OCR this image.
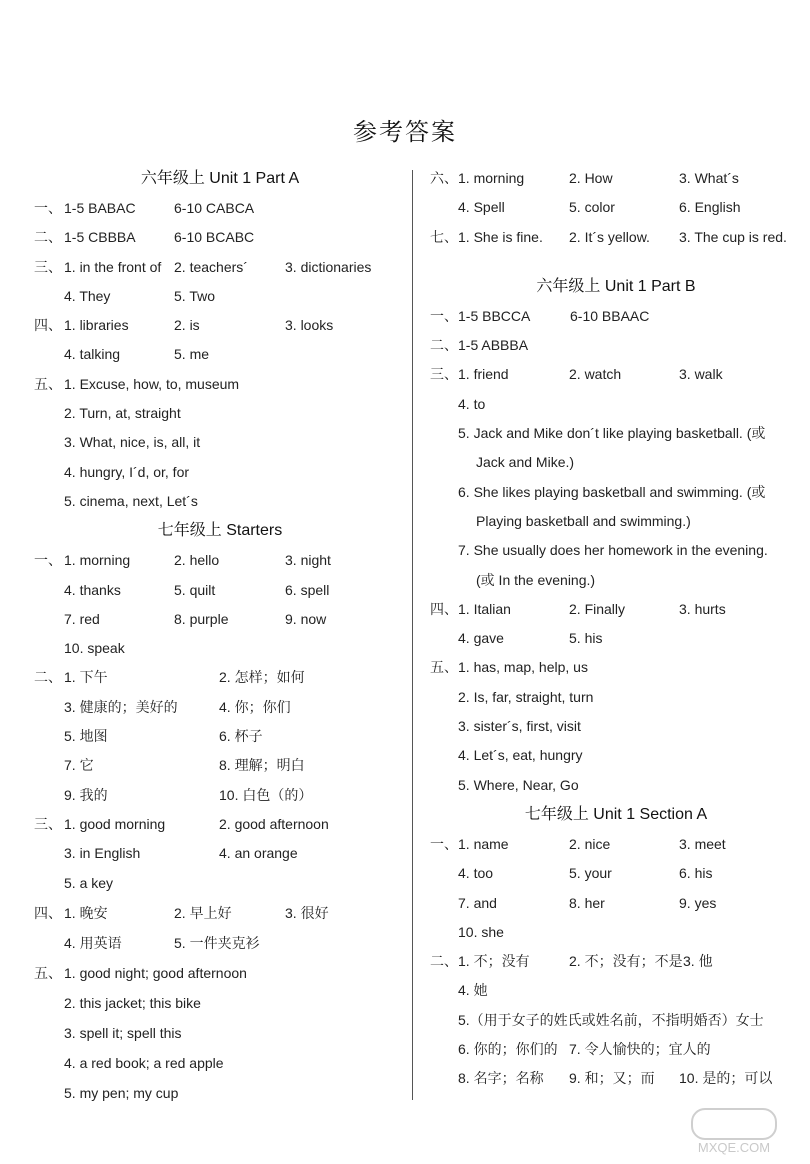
参考答案
六年级上 Unit 1 Part A
一、 1-5 BABAC	6-10 CABCA
二、 1-5 CBBBA	6-10 BCABC
三、 1. in the front of 2. teachers´	3. dictionaries
4. They	5. Two
四、 1. libraries	2. is	3. looks
4. talking	5. me
五、 1. Excuse, how, to, museum
2. Turn, at, straight
3. What, nice, is, all, it
4. hungry, I´d, or, for
5. cinema, next, Let´s
七年级上 Starters
一、 1. morning	2. hello	3. night
4. thanks	5. quilt	6. spell
7. red	8. purple	9. now
10. speak
二、 1. 下午	2. 怎样；如何
3. 健康的；美好的	4. 你；你们
5. 地图	6. 杯子
7. 它	8. 理解；明白
9. 我的	10. 白色（的）
三、 1. good morning	2. good afternoon
3. in English	4. an orange
5. a key
四、 1. 晚安	2. 早上好	3. 很好
4. 用英语	5. 一件夹克衫
五、 1. good night; good afternoon
2. this jacket; this bike
3. spell it; spell this
4. a red book; a red apple
5. my pen; my cup
六、 1. morning	2. How	3. What´s
4. Spell	5. color	6. English
七、 1. She is fine. 2. It´s yellow. 3. The cup is red.
六年级上 Unit 1 Part B
一、 1-5 BBCCA	6-10 BBAAC
二、 1-5 ABBBA
三、 1. friend	2. watch	3. walk
4. to
5. Jack and Mike don´t like playing basketball. (或
Jack and Mike.)
6. She likes playing basketball and swimming. (或
Playing basketball and swimming.)
7. She usually does her homework in the evening.
(或 In the evening.)
四、 1. Italian	2. Finally	3. hurts
4. gave	5. his
五、 1. has, map, help, us
2. Is, far, straight, turn
3. sister´s, first, visit
4. Let´s, eat, hungry
5. Where, Near, Go
七年级上 Unit 1 Section A
一、 1. name	2. nice	3. meet
4. too	5. your	6. his
7. and	8. her	9. yes
10. she
二、 1. 不；没有	2. 不；没有；不是 3. 他
4. 她
5.（用于女子的姓氏或姓名前，不指明婚否）女士
6. 你的；你们的 7. 令人愉快的；宜人的
8. 名字；名称 9. 和；又；而 10. 是的；可以
MXQE.COM
